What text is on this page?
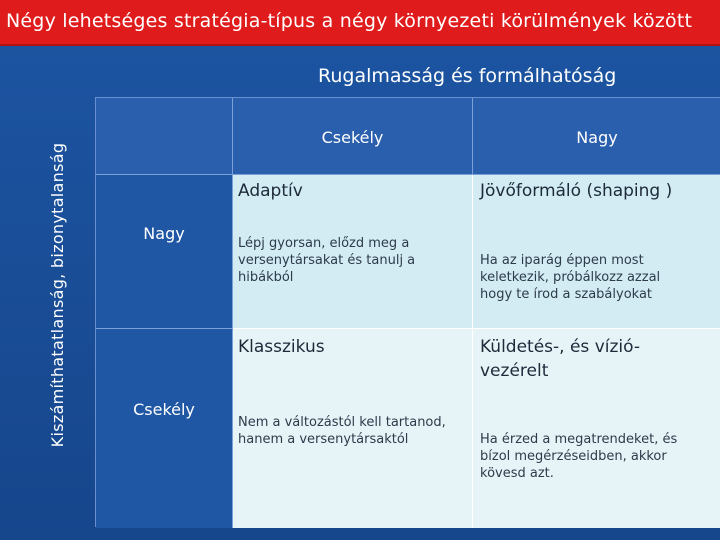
Négy lehetséges stratégia-típus a négy környezeti körülmények között
Rugalmasság és formálhatóság
Kiszámíthatatlanság, bizonytalanság
Csekély	Nagy
Nagy
Csekély
Adaptív
Lépj gyorsan, előzd meg a versenytársakat és tanulj a hibákból
Jövőformáló (shaping )
Ha az iparág éppen most keletkezik, próbálkozz azzal hogy te írod a szabályokat
Klasszikus
Nem a változástól kell tartanod, hanem a versenytársaktól
Küldetés-, és vízió-vezérelt
Ha érzed a megatrendeket, és bízol megérzéseidben, akkor kövesd azt.
